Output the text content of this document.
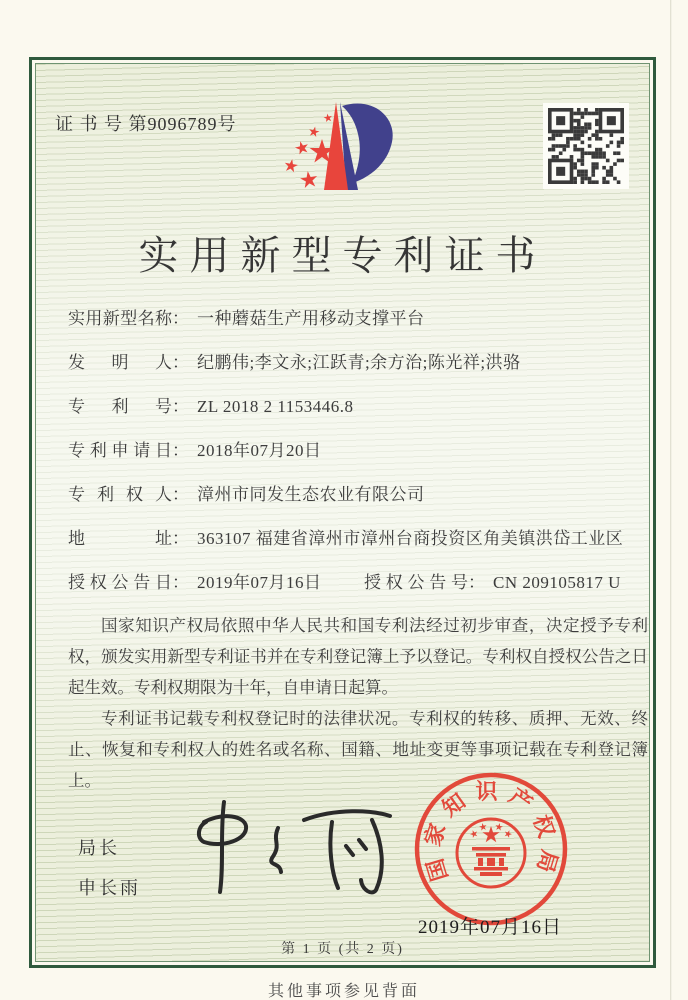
证 书 号 第9096789号
实用新型专利证书
实用新型名称 ： 一种蘑菇生产用移动支撑平台
发明人 ： 纪鹏伟;李文永;江跃青;余方治;陈光祥;洪骆
专利号 ： ZL 2018 2 1153446.8
专利申请日 ： 2018年07月20日
专利权人 ： 漳州市同发生态农业有限公司
地址 ： 363107 福建省漳州市漳州台商投资区角美镇洪岱工业区
授权公告日 ： 2019年07月16日	授权公告号 ： CN 209105817 U

国家知识产权局依照中华人民共和国专利法经过初步审查，决定授予专利权，颁发实用新型专利证书并在专利登记簿上予以登记。专利权自授权公告之日起生效。专利权期限为十年，自申请日起算。

专利证书记载专利权登记时的法律状况。专利权的转移、质押、无效、终止、恢复和专利权人的姓名或名称、国籍、地址变更等事项记载在专利登记簿上。

局长
申长雨
国家知识产权局
2019年07月16日
第 1 页 (共 2 页)
其他事项参见背面
